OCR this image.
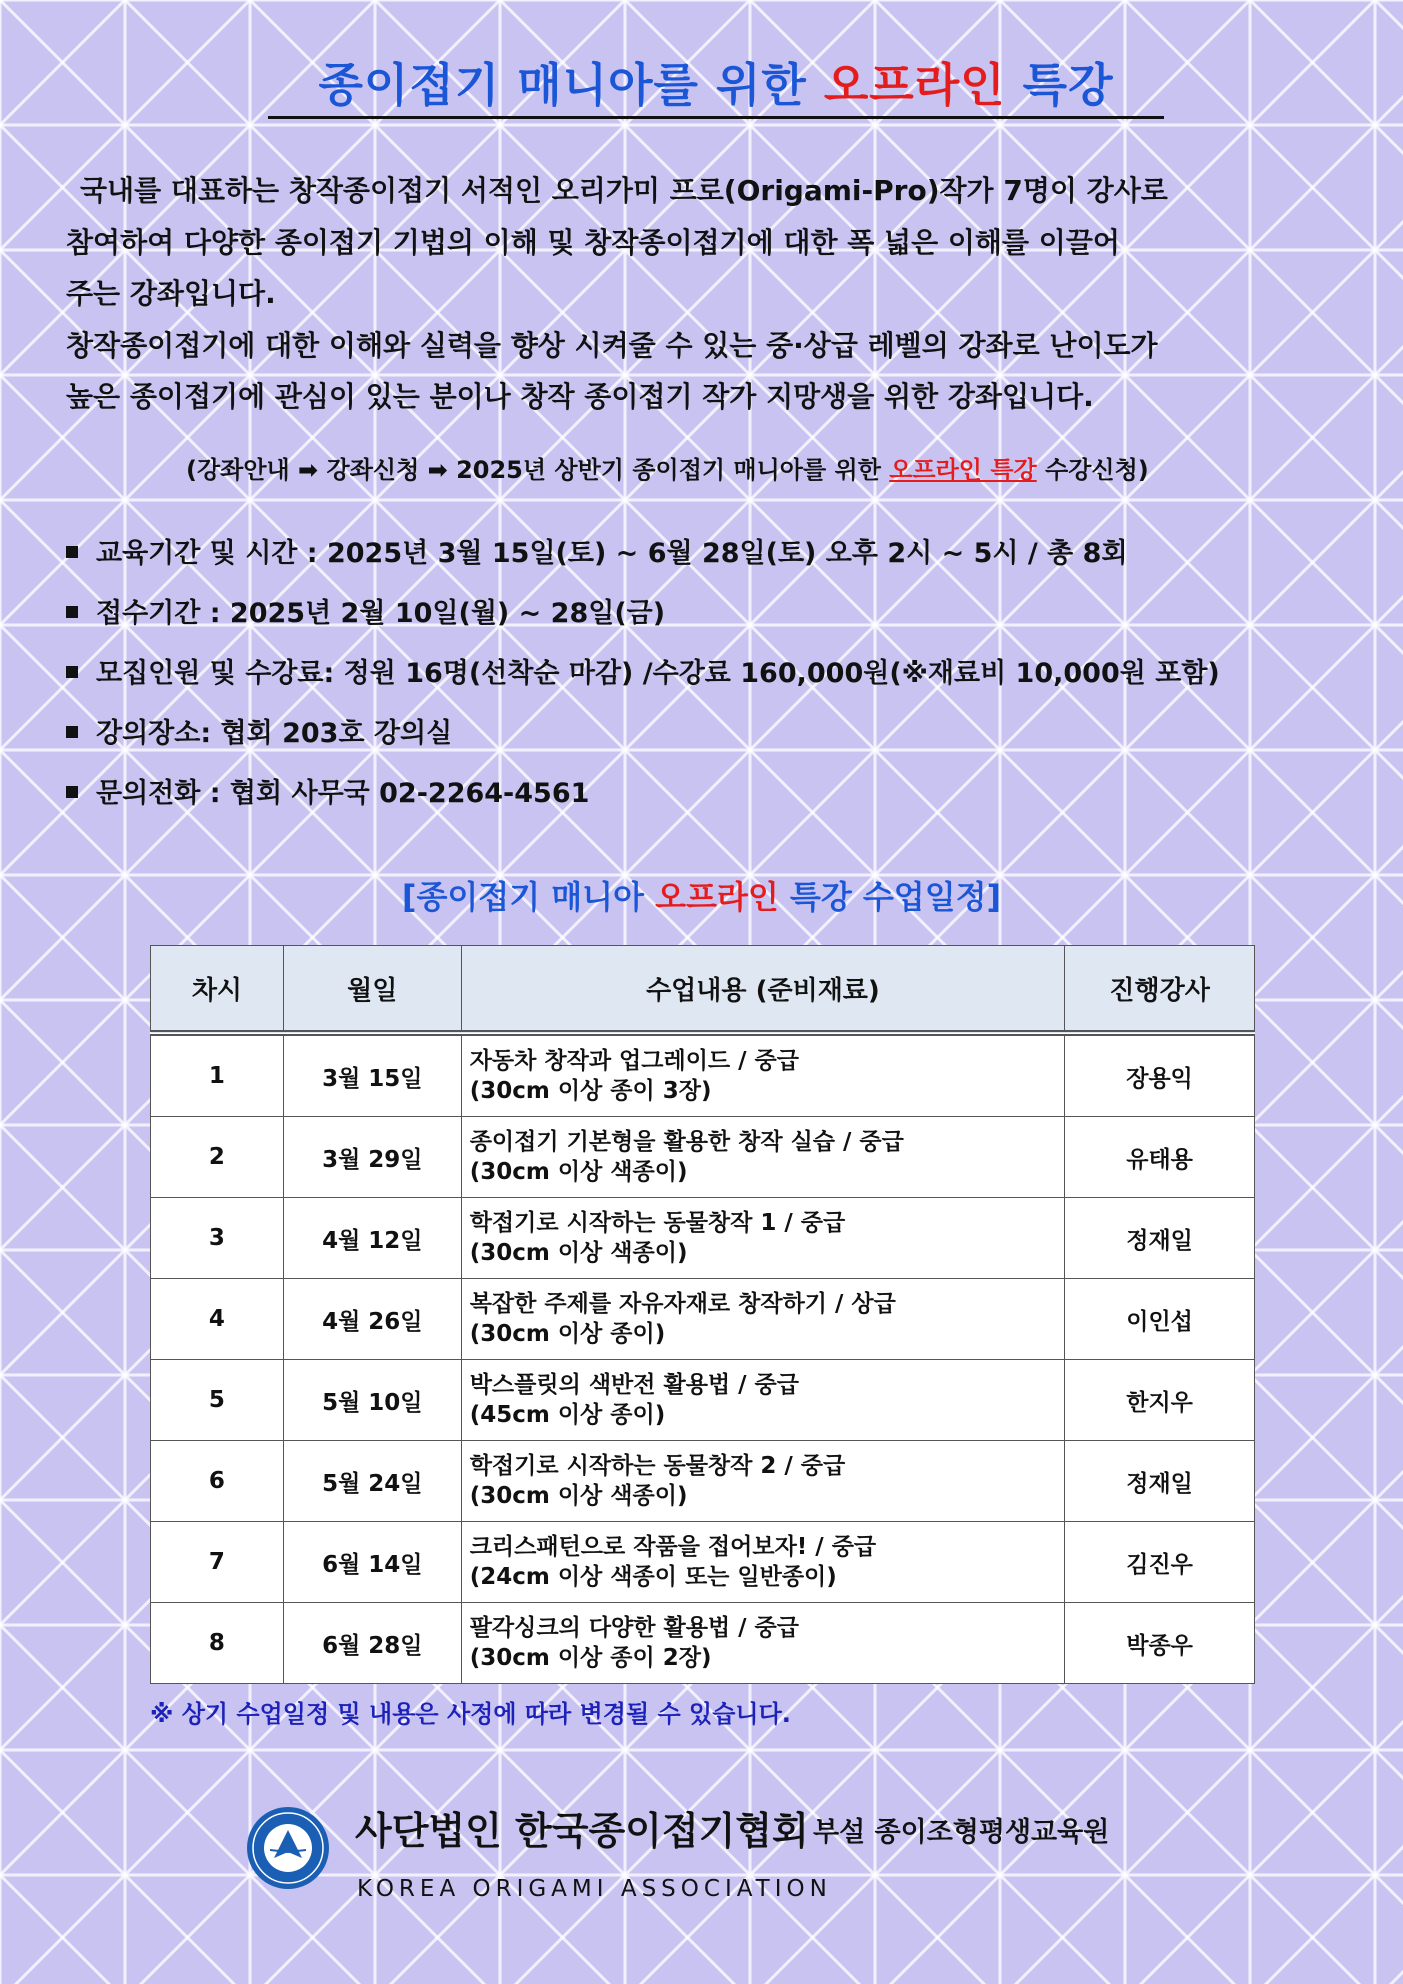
종이접기 매니아를 위한 오프라인 특강

국내를 대표하는 창작종이접기 서적인 오리가미 프로(Origami-Pro)작가 7명이 강사로

참여하여 다양한 종이접기 기법의 이해 및 창작종이접기에 대한 폭 넓은 이해를 이끌어

주는 강좌입니다.

창작종이접기에 대한 이해와 실력을 향상 시켜줄 수 있는 중·상급 레벨의 강좌로 난이도가

높은 종이접기에 관심이 있는 분이나 창작 종이접기 작가 지망생을 위한 강좌입니다.

(강좌안내 ➡ 강좌신청 ➡ 2025년 상반기 종이접기 매니아를 위한 오프라인 특강 수강신청)
교육기간 및 시간 : 2025년 3월 15일(토) ~ 6월 28일(토) 오후 2시 ~ 5시 / 총 8회
접수기간 : 2025년 2월 10일(월) ~ 28일(금)
모집인원 및 수강료: 정원 16명(선착순 마감) /수강료 160,000원(※재료비 10,000원 포함)
강의장소: 협회 203호 강의실
문의전화 : 협회 사무국 02-2264-4561
[종이접기 매니아 오프라인 특강 수업일정]
차시	월일	수업내용 (준비재료)	진행강사
1	3월 15일	자동차 창작과 업그레이드 / 중급
(30cm 이상 종이 3장)	장용익
2	3월 29일	종이접기 기본형을 활용한 창작 실습 / 중급
(30cm 이상 색종이)	유태용
3	4월 12일	학접기로 시작하는 동물창작 1 / 중급
(30cm 이상 색종이)	정재일
4	4월 26일	복잡한 주제를 자유자재로 창작하기 / 상급
(30cm 이상 종이)	이인섭
5	5월 10일	박스플릿의 색반전 활용법 / 중급
(45cm 이상 종이)	한지우
6	5월 24일	학접기로 시작하는 동물창작 2 / 중급
(30cm 이상 색종이)	정재일
7	6월 14일	크리스패턴으로 작품을 접어보자! / 중급
(24cm 이상 색종이 또는 일반종이)	김진우
8	6월 28일	팔각싱크의 다양한 활용법 / 중급
(30cm 이상 종이 2장)	박종우
※ 상기 수업일정 및 내용은 사정에 따라 변경될 수 있습니다.
사단법인 한국종이접기협회 부설 종이조형평생교육원
KOREA ORIGAMI ASSOCIATION
